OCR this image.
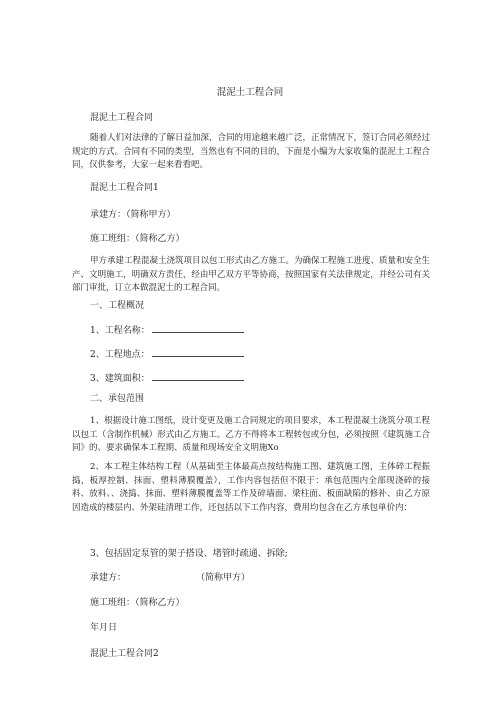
混泥土工程合同
混泥土工程合同
随着人们对法律的了解日益加深，合同的用途越来越广泛，正常情况下，签订合同必须经过规定的方式。合同有不同的类型，当然也有不同的目的，下面是小编为大家收集的混泥土工程合同，仅供参考，大家一起来看看吧。
混泥土工程合同1
承建方：（简称甲方）
施工班组：（简称乙方）
甲方承建工程混凝土浇筑项目以包工形式由乙方施工。为确保工程施工进度、质量和安全生产、文明施工，明确双方责任，经由甲乙双方平等协商，按照国家有关法律规定，并经公司有关部门审批，订立本做混泥土的工程合同。
一、工程概况
1、工程名称：
2、工程地点：
3、建筑面积：
二、承包范围
1、根据设计施工图纸，设计变更及施工合同规定的项目要求，本工程混凝土浇筑分项工程以包工（含制作机械）形式由乙方施工。乙方不得将本工程转包或分包，必须按照《建筑施工合同》的、要求确保本工程期、质量和现场安全文明施Xo
2、本工程主体结构工程（从基础至主体最高点按结构施工图、建筑施工图，主体碎工程振捣，板厚控制、抹面、塑料薄膜覆盖），工作内容包括但不限于：承包范围内全部现浇碎的接料、放料、、浇捣、抹面、塑料薄膜覆盖等工作及碎墙面、梁柱面、板面缺陷的修补、由乙方原因造成的楼层内、外架硅清理工作，还包括以下工作内容，费用均包含在乙方承包单价内：
3、包括固定泵管的架子搭设、堵管时疏通、拆除;
承建方：	（简称甲方）
施工班组：（简称乙方）
年月日
混泥土工程合同2
